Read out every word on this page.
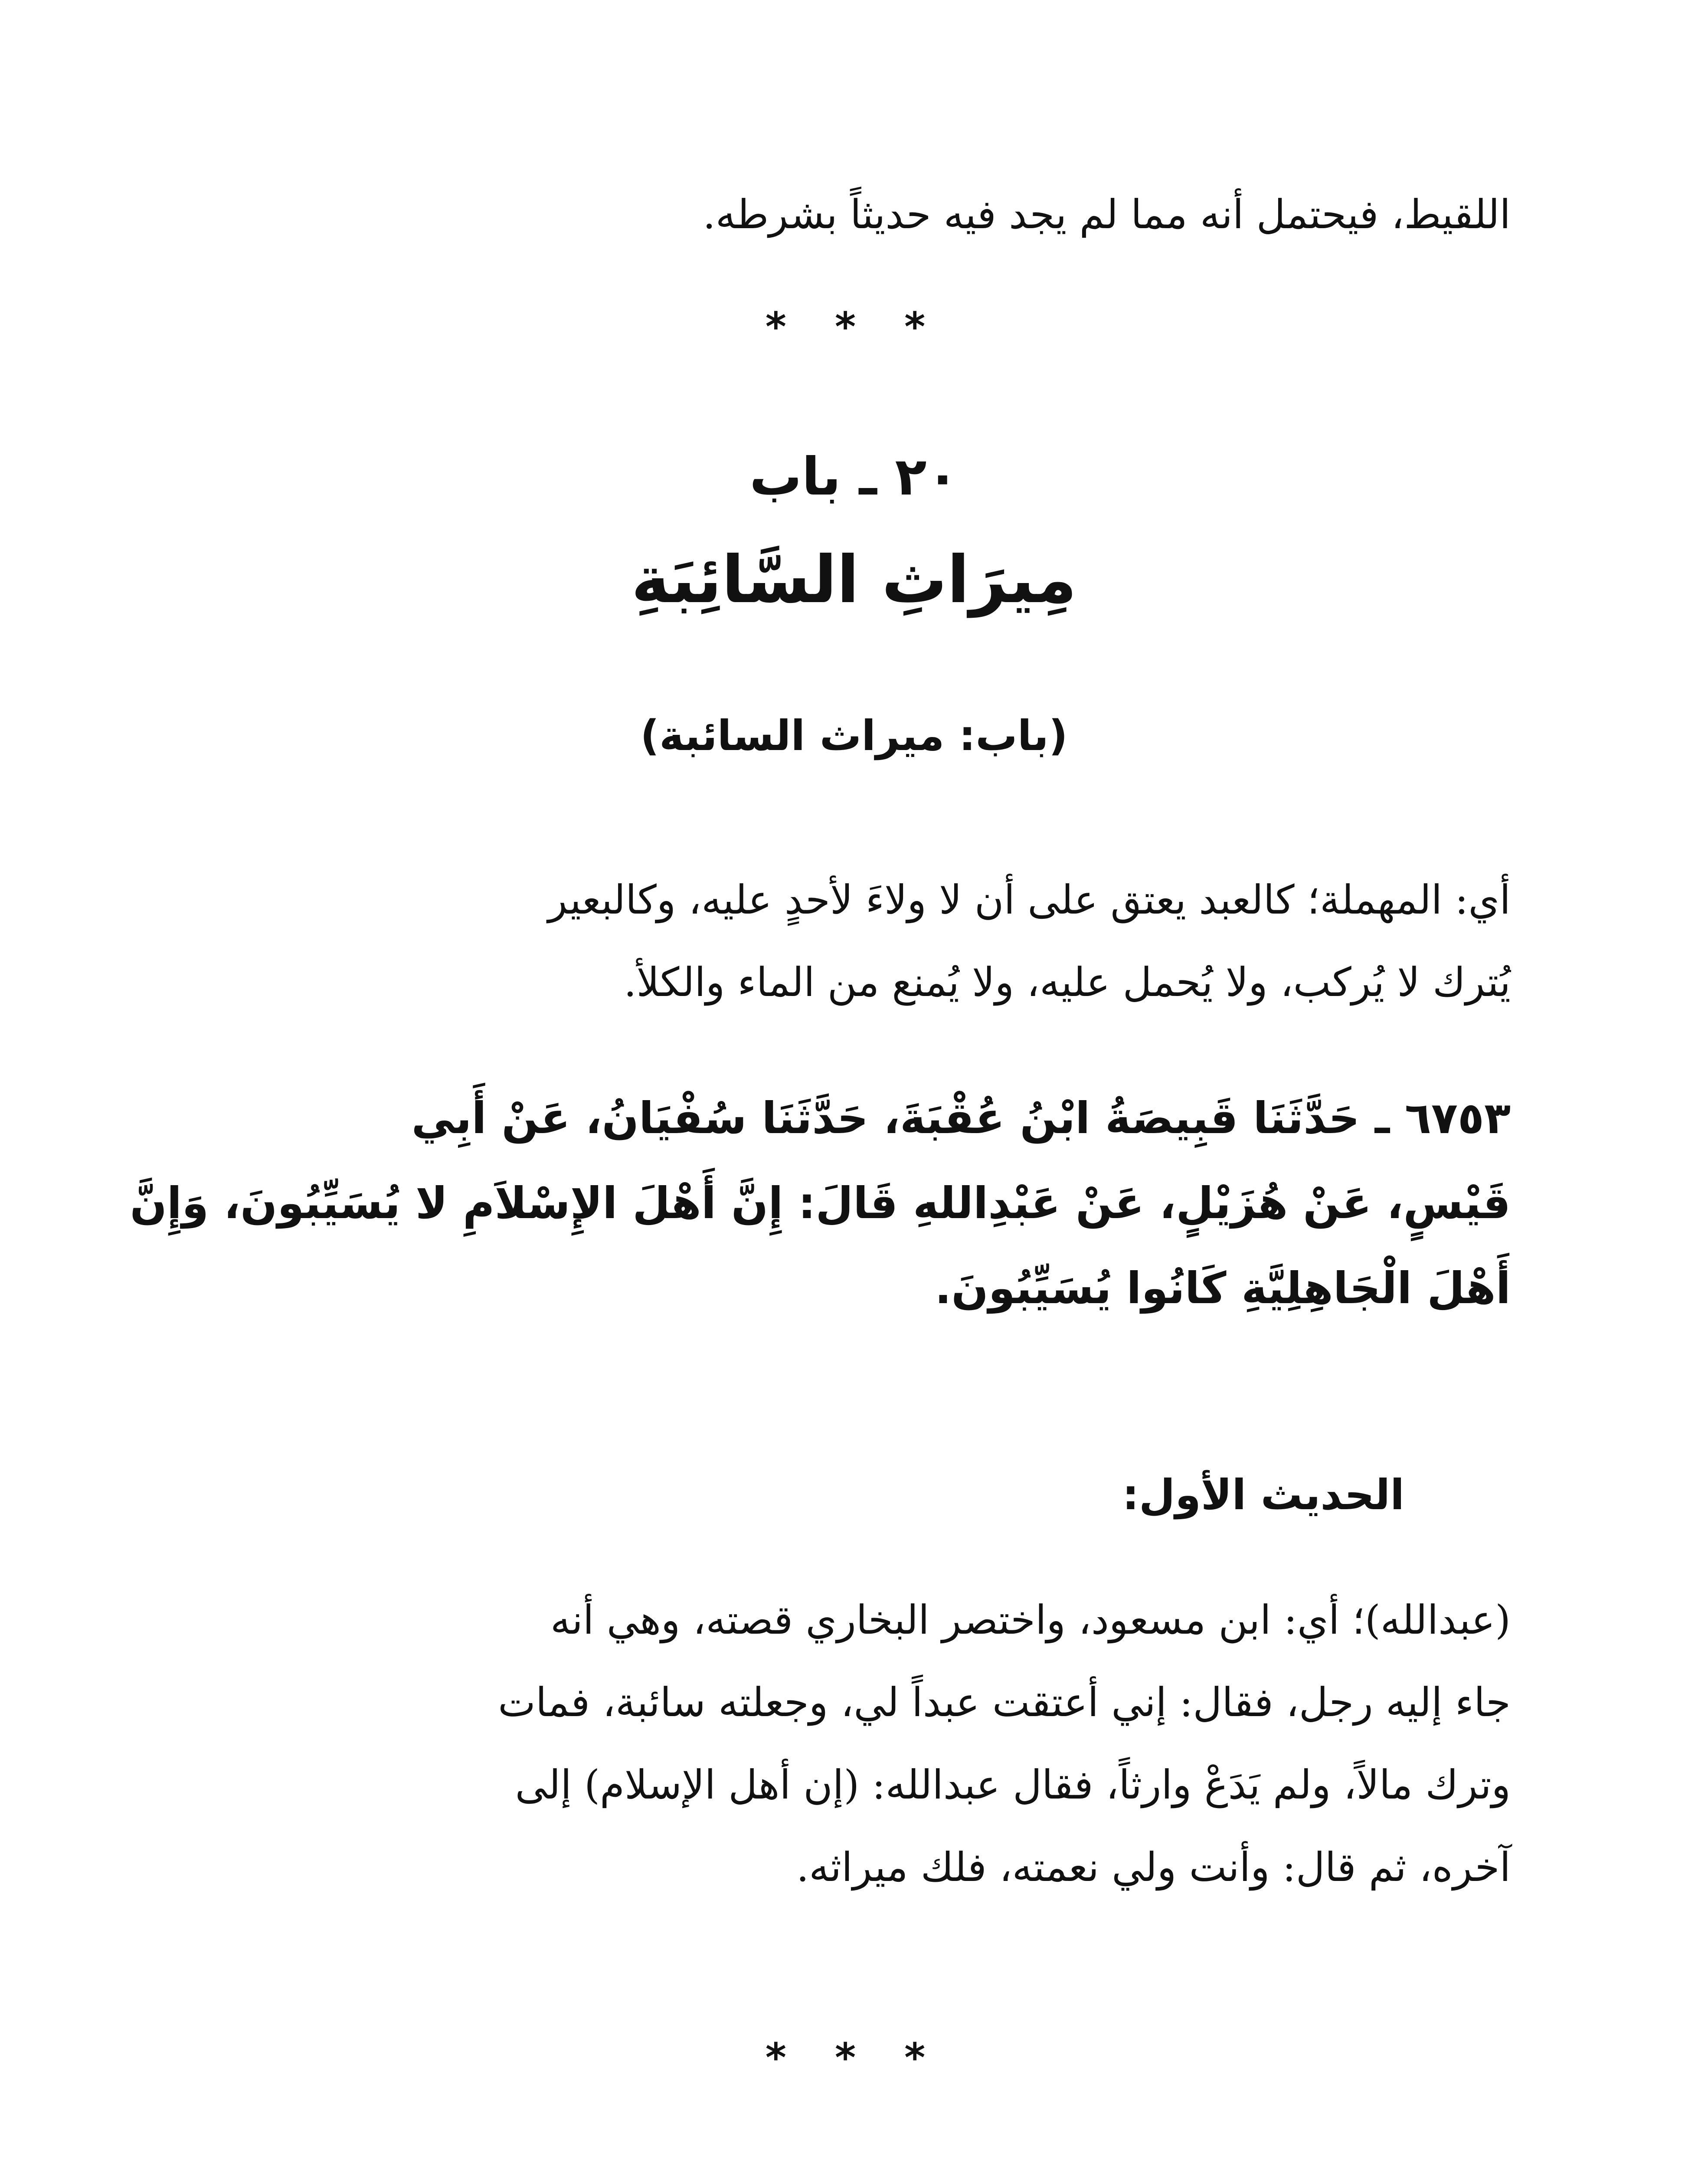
اللقيط، فيحتمل أنه مما لم يجد فيه حديثاً بشرطه.
* * *
٢٠ ـ باب
مِيرَاثِ السَّائِبَةِ
(باب: ميراث السائبة)
أي: المهملة؛ كالعبد يعتق على أن لا ولاءَ لأحدٍ عليه، وكالبعير
يُترك لا يُركب، ولا يُحمل عليه، ولا يُمنع من الماء والكلأ.
٦٧٥٣ ـ حَدَّثَنَا قَبِيصَةُ ابْنُ عُقْبَةَ، حَدَّثَنَا سُفْيَانُ، عَنْ أَبِي
قَيْسٍ، عَنْ هُزَيْلٍ، عَنْ عَبْدِاللهِ قَالَ: إِنَّ أَهْلَ الإِسْلاَمِ لا يُسَيِّبُونَ، وَإِنَّ
أَهْلَ الْجَاهِلِيَّةِ كَانُوا يُسَيِّبُونَ.
الحديث الأول:
(عبدالله)؛ أي: ابن مسعود، واختصر البخاري قصته، وهي أنه
جاء إليه رجل، فقال: إني أعتقت عبداً لي، وجعلته سائبة، فمات
وترك مالاً، ولم يَدَعْ وارثاً، فقال عبدالله: (إن أهل الإسلام) إلى
آخره، ثم قال: وأنت ولي نعمته، فلك ميراثه.
* * *
